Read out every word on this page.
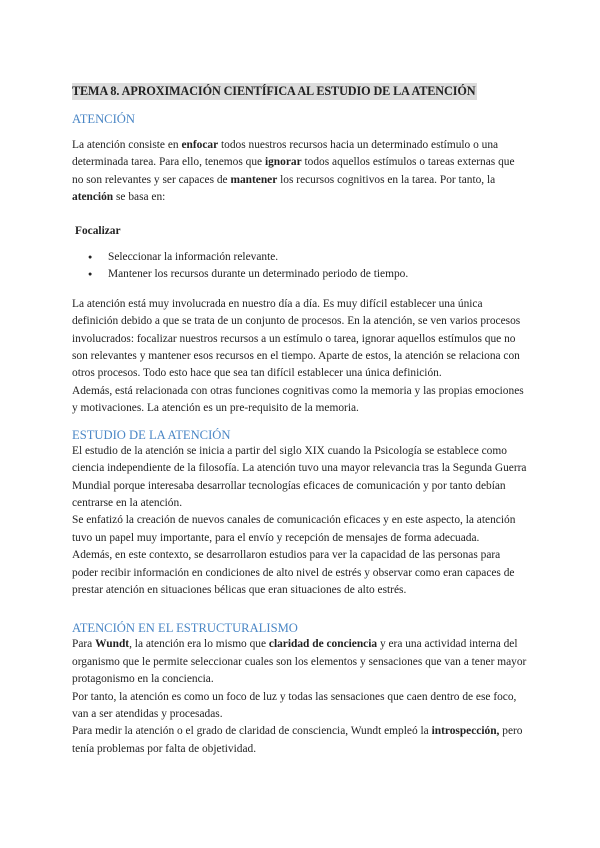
TEMA 8. APROXIMACIÓN CIENTÍFICA AL ESTUDIO DE LA ATENCIÓN
ATENCIÓN

La atención consiste en enfocar todos nuestros recursos hacia un determinado estímulo o una determinada tarea. Para ello, tenemos que ignorar todos aquellos estímulos o tareas externas que no son relevantes y ser capaces de mantener los recursos cognitivos en la tarea. Por tanto, la atención se basa en:

Focalizar

● Seleccionar la información relevante.
● Mantener los recursos durante un determinado periodo de tiempo.

La atención está muy involucrada en nuestro día a día. Es muy difícil establecer una única definición debido a que se trata de un conjunto de procesos. En la atención, se ven varios procesos involucrados: focalizar nuestros recursos a un estímulo o tarea, ignorar aquellos estímulos que no son relevantes y mantener esos recursos en el tiempo. Aparte de estos, la atención se relaciona con otros procesos. Todo esto hace que sea tan difícil establecer una única definición.

Además, está relacionada con otras funciones cognitivas como la memoria y las propias emociones y motivaciones. La atención es un pre-requisito de la memoria.

ESTUDIO DE LA ATENCIÓN

El estudio de la atención se inicia a partir del siglo XIX cuando la Psicología se establece como ciencia independiente de la filosofía. La atención tuvo una mayor relevancia tras la Segunda Guerra Mundial porque interesaba desarrollar tecnologías eficaces de comunicación y por tanto debían centrarse en la atención.

Se enfatizó la creación de nuevos canales de comunicación eficaces y en este aspecto, la atención tuvo un papel muy importante, para el envío y recepción de mensajes de forma adecuada.

Además, en este contexto, se desarrollaron estudios para ver la capacidad de las personas para poder recibir información en condiciones de alto nivel de estrés y observar como eran capaces de prestar atención en situaciones bélicas que eran situaciones de alto estrés.

ATENCIÓN EN EL ESTRUCTURALISMO

Para Wundt, la atención era lo mismo que claridad de conciencia y era una actividad interna del organismo que le permite seleccionar cuales son los elementos y sensaciones que van a tener mayor protagonismo en la conciencia.

Por tanto, la atención es como un foco de luz y todas las sensaciones que caen dentro de ese foco, van a ser atendidas y procesadas.

Para medir la atención o el grado de claridad de consciencia, Wundt empleó la introspección, pero tenía problemas por falta de objetividad.
